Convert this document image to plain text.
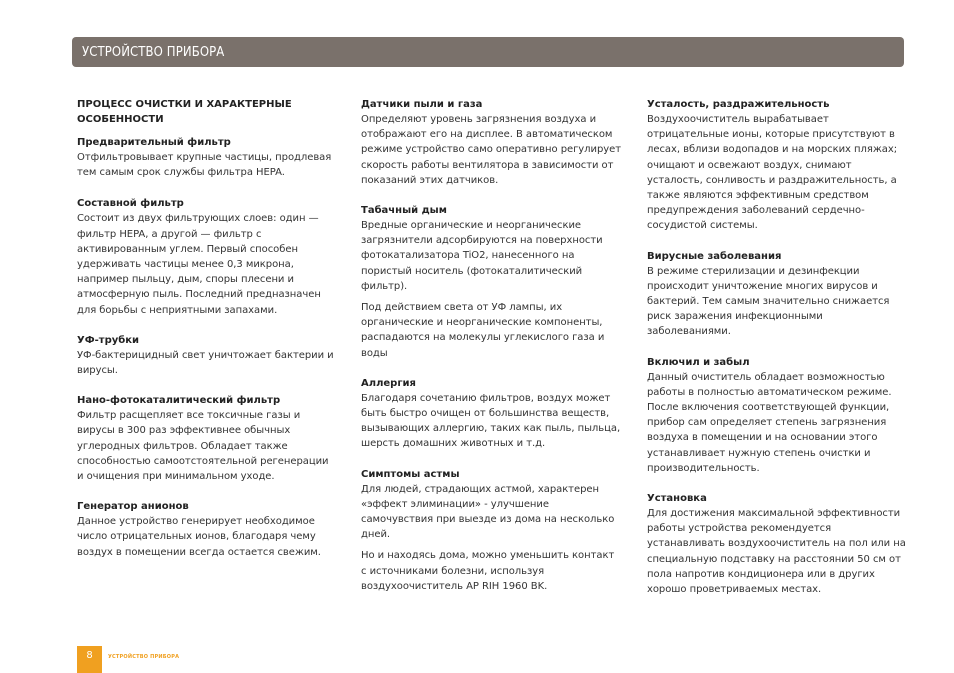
УСТРОЙСТВО ПРИБОРА
ПРОЦЕСС ОЧИСТКИ И ХАРАКТЕРНЫЕ ОСОБЕННОСТИ
Предварительный фильтр
Отфильтровывает крупные частицы, продлевая тем самым срок службы фильтра HEPA.
Составной фильтр
Состоит из двух фильтрующих слоев: один — фильтр HEPA, а другой — фильтр с активированным углем. Первый способен удерживать частицы менее 0,3 микрона, например пыльцу, дым, споры плесени и атмосферную пыль. Последний предназначен для борьбы с неприятными запахами.
УФ-трубки
УФ-бактерицидный свет уничтожает бактерии и вирусы.
Нано-фотокаталитический фильтр
Фильтр расщепляет все токсичные газы и вирусы в 300 раз эффективнее обычных углеродных фильтров. Обладает также способностью самоотстоятельной регенерации и очищения при минимальном уходе.
Генератор анионов
Данное устройство генерирует необходимое число отрицательных ионов, благодаря чему воздух в помещении всегда остается свежим.
Датчики пыли и газа
Определяют уровень загрязнения воздуха и отображают его на дисплее. В автоматическом режиме устройство само оперативно регулирует скорость работы вентилятора в зависимости от показаний этих датчиков.
Табачный дым
Вредные органические и неорганические загрязнители адсорбируются на поверхности фотокатализатора TiO2, нанесенного на пористый носитель (фотокаталитический фильтр).
Под действием света от УФ лампы, их органические и неорганические компоненты, распадаются на молекулы углекислого газа и воды
Аллергия
Благодаря сочетанию фильтров, воздух может быть быстро очищен от большинства веществ, вызывающих аллергию, таких как пыль, пыльца, шерсть домашних животных и т.д.
Симптомы астмы
Для людей, страдающих астмой, характерен «эффект элиминации» - улучшение самочувствия при выезде из дома на несколько дней.
Но и находясь дома, можно уменьшить контакт с источниками болезни, используя воздухоочиститель AP RIH 1960 BK.
Усталость, раздражительность
Воздухоочиститель вырабатывает отрицательные ионы, которые присутствуют в лесах, вблизи водопадов и на морских пляжах; очищают и освежают воздух, снимают усталость, сонливость и раздражительность, а также являются эффективным средством предупреждения заболеваний сердечно-сосудистой системы.
Вирусные заболевания
В режиме стерилизации и дезинфекции происходит уничтожение многих вирусов и бактерий. Тем самым значительно снижается риск заражения инфекционными заболеваниями.
Включил и забыл
Данный очиститель обладает возможностью работы в полностью автоматическом режиме. После включения соответствующей функции, прибор сам определяет степень загрязнения воздуха в помещении и на основании этого устанавливает нужную степень очистки и производительность.
Установка
Для достижения максимальной эффективности работы устройства рекомендуется устанавливать воздухоочиститель на пол или на специальную подставку на расстоянии 50 см от пола напротив кондиционера или в других хорошо проветриваемых местах.
8	УСТРОЙСТВО ПРИБОРА
